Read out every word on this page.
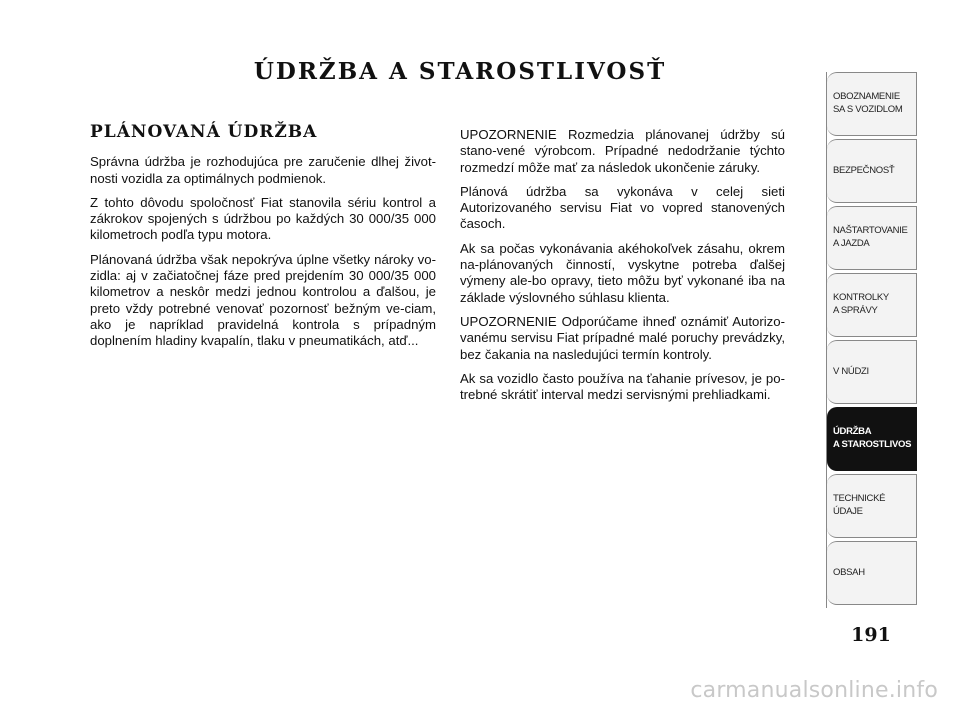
ÚDRŽBA A STAROSTLIVOSŤ
PLÁNOVANÁ ÚDRŽBA

Správna údržba je rozhodujúca pre zaručenie dlhej život-nosti vozidla za optimálnych podmienok.

Z tohto dôvodu spoločnosť Fiat stanovila sériu kontrol a zákrokov spojených s údržbou po každých 30 000/35 000 kilometroch podľa typu motora.

Plánovaná údržba však nepokrýva úplne všetky nároky vo-zidla: aj v začiatočnej fáze pred prejdením 30 000/35 000 kilometrov a neskôr medzi jednou kontrolou a ďalšou, je preto vždy potrebné venovať pozornosť bežným ve-ciam, ako je napríklad pravidelná kontrola s prípadným doplnením hladiny kvapalín, tlaku v pneumatikách, atď...

UPOZORNENIE Rozmedzia plánovanej údržby sú stano-vené výrobcom. Prípadné nedodržanie týchto rozmedzí môže mať za následok ukončenie záruky.

Plánová údržba sa vykonáva v celej sieti Autorizovaného servisu Fiat vo vopred stanovených časoch.

Ak sa počas vykonávania akéhokoľvek zásahu, okrem na-plánovaných činností, vyskytne potreba ďalšej výmeny ale-bo opravy, tieto môžu byť vykonané iba na základe výslovného súhlasu klienta.

UPOZORNENIE Odporúčame ihneď oznámiť Autorizo-vanému servisu Fiat prípadné malé poruchy prevádzky, bez čakania na nasledujúci termín kontroly.

Ak sa vozidlo často používa na ťahanie prívesov, je po-trebné skrátiť interval medzi servisnými prehliadkami.

OBOZNAMENIE
SA S VOZIDLOM
BEZPEČNOSŤ
NAŠTARTOVANIE
A JAZDA
KONTROLKY
A SPRÁVY
V NÚDZI
ÚDRŽBA
A STAROSTLIVOS
TECHNICKÉ
ÚDAJE
OBSAH
191
carmanualsonline.info
